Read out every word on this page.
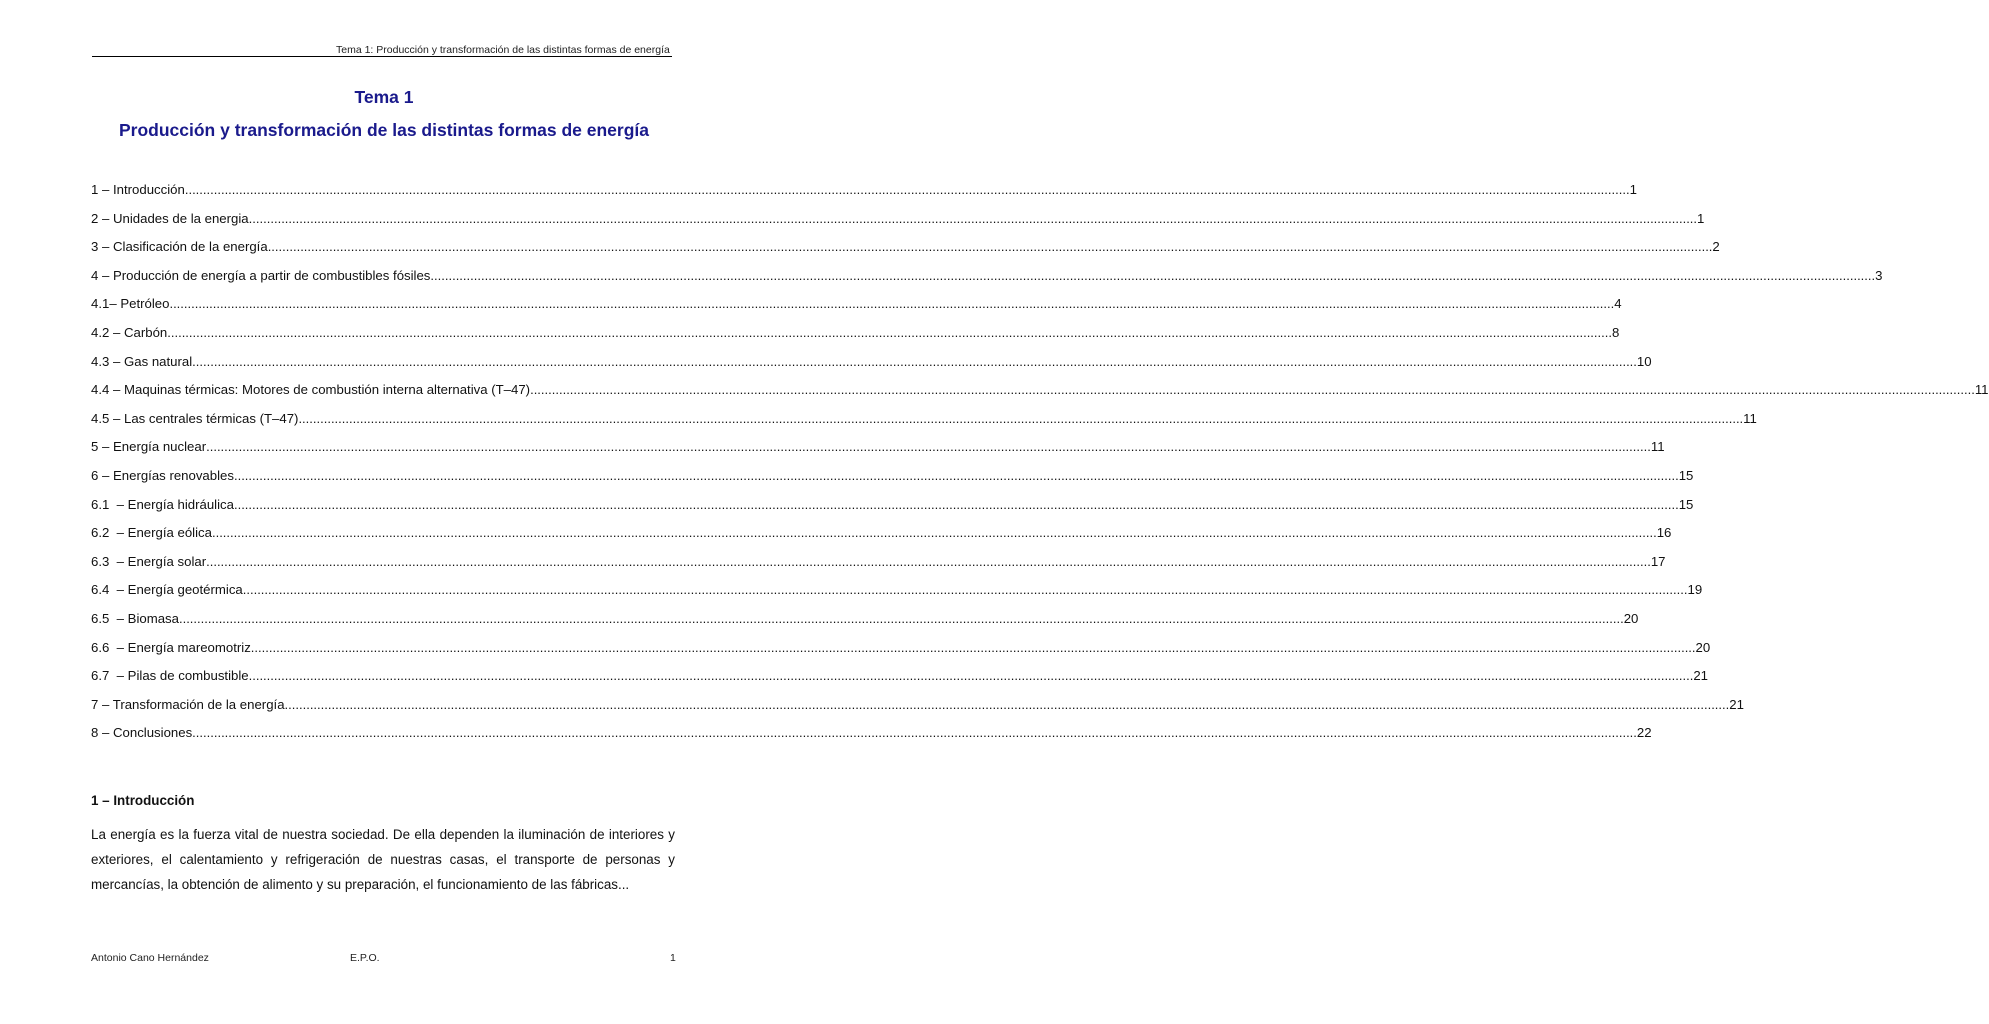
Tema 1: Producción y transformación de las distintas formas de energía
Tema 1
Producción y transformación de las distintas formas de energía
1 – Introducción ................................................................................................................................................................................................................................................................................................................................................................................................................ 1
2 – Unidades de la energia. ................................................................................................................................................................................................................................................................................................................................................................................................................ 1
3 – Clasificación de la energía ................................................................................................................................................................................................................................................................................................................................................................................................................ 2
4 – Producción de energía a partir de combustibles fósiles ................................................................................................................................................................................................................................................................................................................................................................................................................ 3
4.1– Petróleo ................................................................................................................................................................................................................................................................................................................................................................................................................ 4
4.2 – Carbón ................................................................................................................................................................................................................................................................................................................................................................................................................ 8
4.3 – Gas natural ................................................................................................................................................................................................................................................................................................................................................................................................................ 10
4.4 – Maquinas térmicas: Motores de combustión interna alternativa (T–47) ................................................................................................................................................................................................................................................................................................................................................................................................................ 11
4.5 – Las centrales térmicas (T–47) ................................................................................................................................................................................................................................................................................................................................................................................................................ 11
5 – Energía nuclear ................................................................................................................................................................................................................................................................................................................................................................................................................ 11
6 – Energías renovables ................................................................................................................................................................................................................................................................................................................................................................................................................ 15
6.1  – Energía hidráulica ................................................................................................................................................................................................................................................................................................................................................................................................................ 15
6.2  – Energía eólica ................................................................................................................................................................................................................................................................................................................................................................................................................ 16
6.3  – Energía solar ................................................................................................................................................................................................................................................................................................................................................................................................................ 17
6.4  – Energía geotérmica ................................................................................................................................................................................................................................................................................................................................................................................................................ 19
6.5  – Biomasa ................................................................................................................................................................................................................................................................................................................................................................................................................ 20
6.6  – Energía mareomotriz ................................................................................................................................................................................................................................................................................................................................................................................................................ 20
6.7  – Pilas de combustible ................................................................................................................................................................................................................................................................................................................................................................................................................ 21
7 – Transformación de la energía ................................................................................................................................................................................................................................................................................................................................................................................................................ 21
8 – Conclusiones ................................................................................................................................................................................................................................................................................................................................................................................................................ 22
1 – Introducción
La energía es la fuerza vital de nuestra sociedad. De ella dependen la iluminación de interiores y exteriores, el calentamiento y refrigeración de nuestras casas, el transporte de personas y mercancías, la obtención de alimento y su preparación, el funcionamiento de las fábricas...
Antonio Cano Hernández	E.P.O.	1
